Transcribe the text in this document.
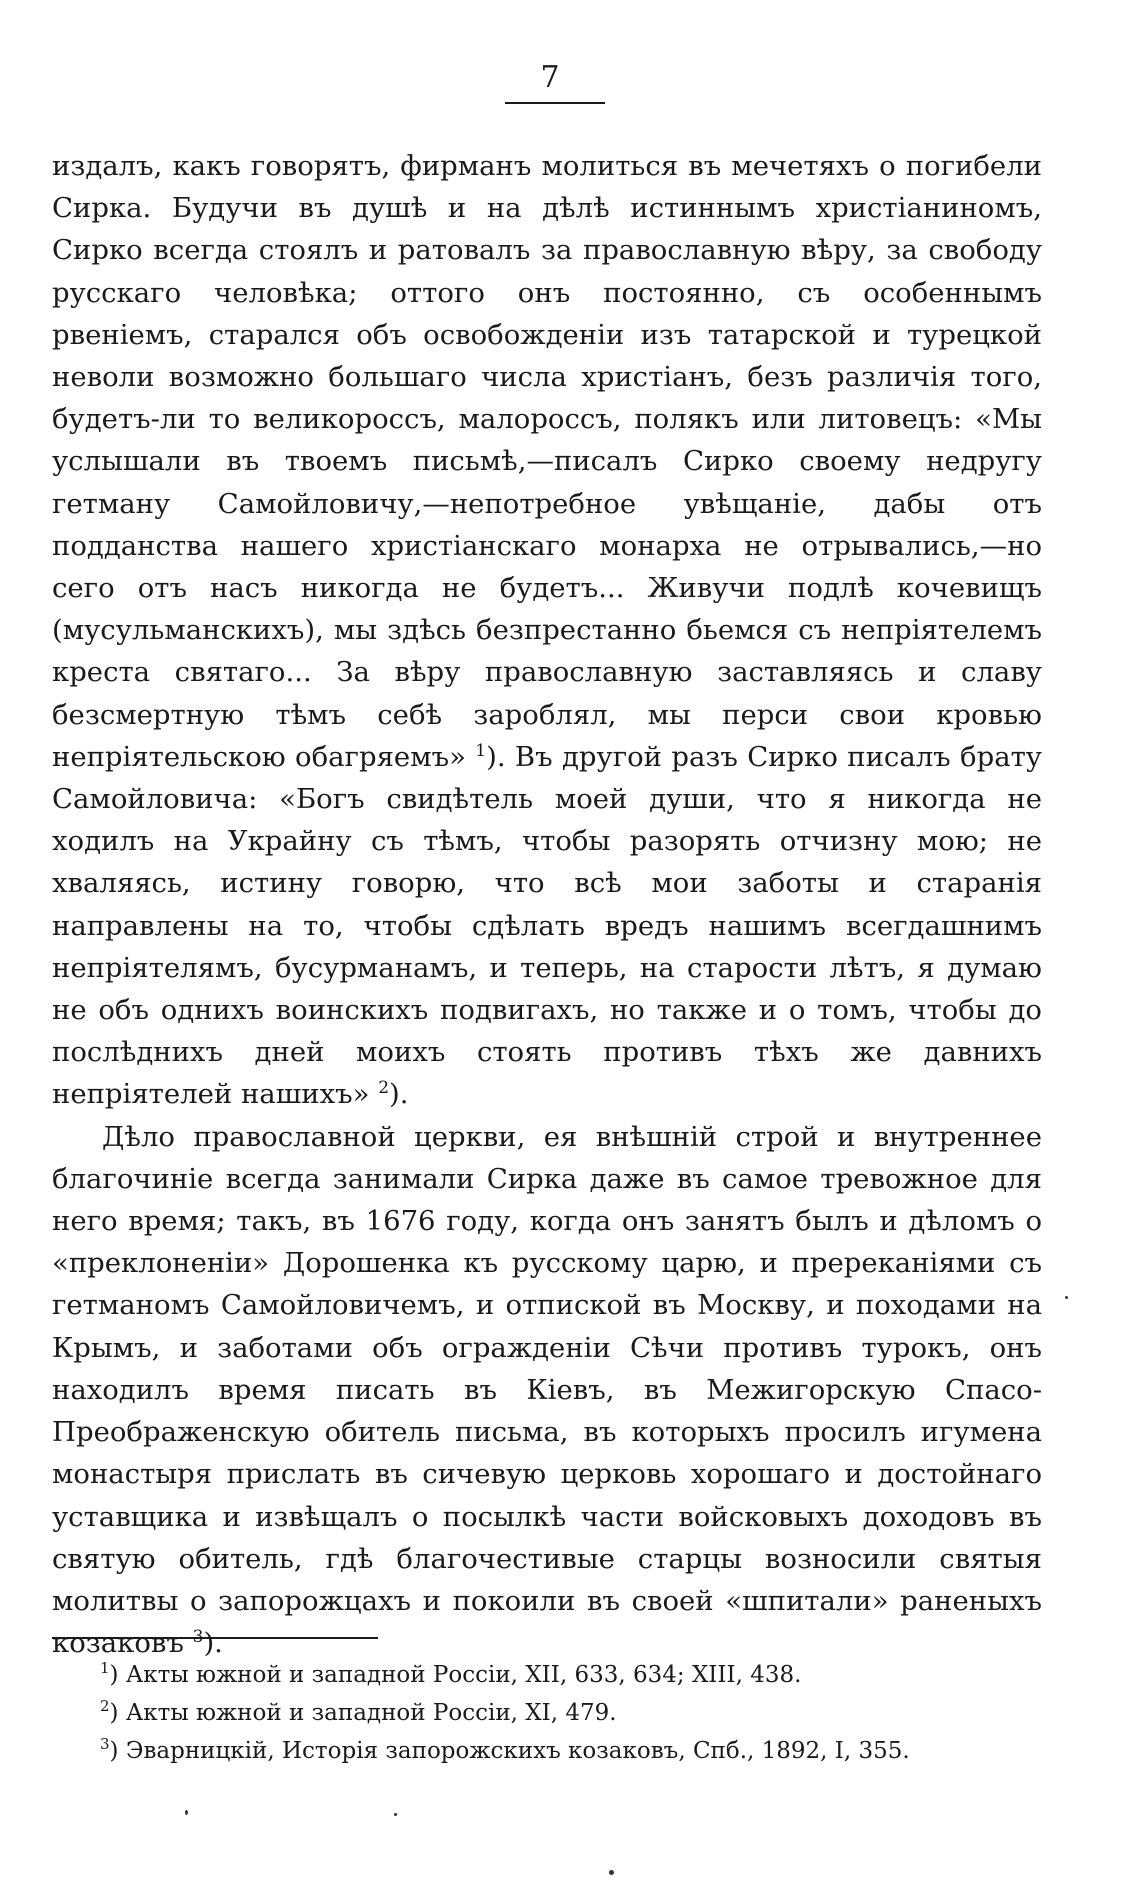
7

издалъ, какъ говорятъ, фирманъ молиться въ мечетяхъ о погибели Сирка. Будучи въ душѣ и на дѣлѣ истиннымъ христіаниномъ, Сирко всегда стоялъ и ратовалъ за православную вѣру, за свободу русскаго человѣка; оттого онъ постоянно, съ особеннымъ рвеніемъ, старался объ освобожденіи изъ татарской и турецкой неволи возможно большаго числа христіанъ, безъ различія того, будетъ-ли то великороссъ, малороссъ, полякъ или литовецъ: «Мы услышали въ твоемъ письмѣ,—писалъ Сирко своему недругу гетману Самойловичу,—непотребное увѣщаніе, дабы отъ подданства нашего христіанскаго монарха не отрывались,—но сего отъ насъ никогда не будетъ... Живучи подлѣ кочевищъ (мусульманскихъ), мы здѣсь безпрестанно бьемся съ непріятелемъ креста святаго... За вѣру православную заставляясь и славу безсмертную тѣмъ себѣ зароблял, мы перси свои кровью непріятельскою обагряемъ» $^1$). Въ другой разъ Сирко писалъ брату Самойловича: «Богъ свидѣтель моей души, что я никогда не ходилъ на Украйну съ тѣмъ, чтобы разорять отчизну мою; не хваляясь, истину говорю, что всѣ мои заботы и старанія направлены на то, чтобы сдѣлать вредъ нашимъ всегдашнимъ непріятелямъ, бусурманамъ, и теперь, на старости лѣтъ, я думаю не объ однихъ воинскихъ подвигахъ, но также и о томъ, чтобы до послѣднихъ дней моихъ стоять противъ тѣхъ же давнихъ непріятелей нашихъ» $^2$).

Дѣло православной церкви, ея внѣшній строй и внутреннее благочиніе всегда занимали Сирка даже въ самое тревожное для него время; такъ, въ 1676 году, когда онъ занятъ былъ и дѣломъ о «преклоненіи» Дорошенка къ русскому царю, и пререканіями съ гетманомъ Самойловичемъ, и отпиской въ Москву, и походами на Крымъ, и заботами объ огражденіи Сѣчи противъ турокъ, онъ находилъ время писать въ Кіевъ, въ Межигорскую Спасо-Преображенскую обитель письма, въ которыхъ просилъ игумена монастыря прислать въ сичевую церковь хорошаго и достойнаго уставщика и извѣщалъ о посылкѣ части войсковыхъ доходовъ въ святую обитель, гдѣ благочестивые старцы возносили святыя молитвы о запорожцахъ и покоили въ своей «шпитали» раненыхъ козаковъ $^3$).

$^1$) Акты южной и западной Россіи, XII, 633, 634; XIII, 438.
$^2$) Акты южной и западной Россіи, XI, 479.
$^3$) Эварницкій, Исторія запорожскихъ козаковъ, Спб., 1892, I, 355.
